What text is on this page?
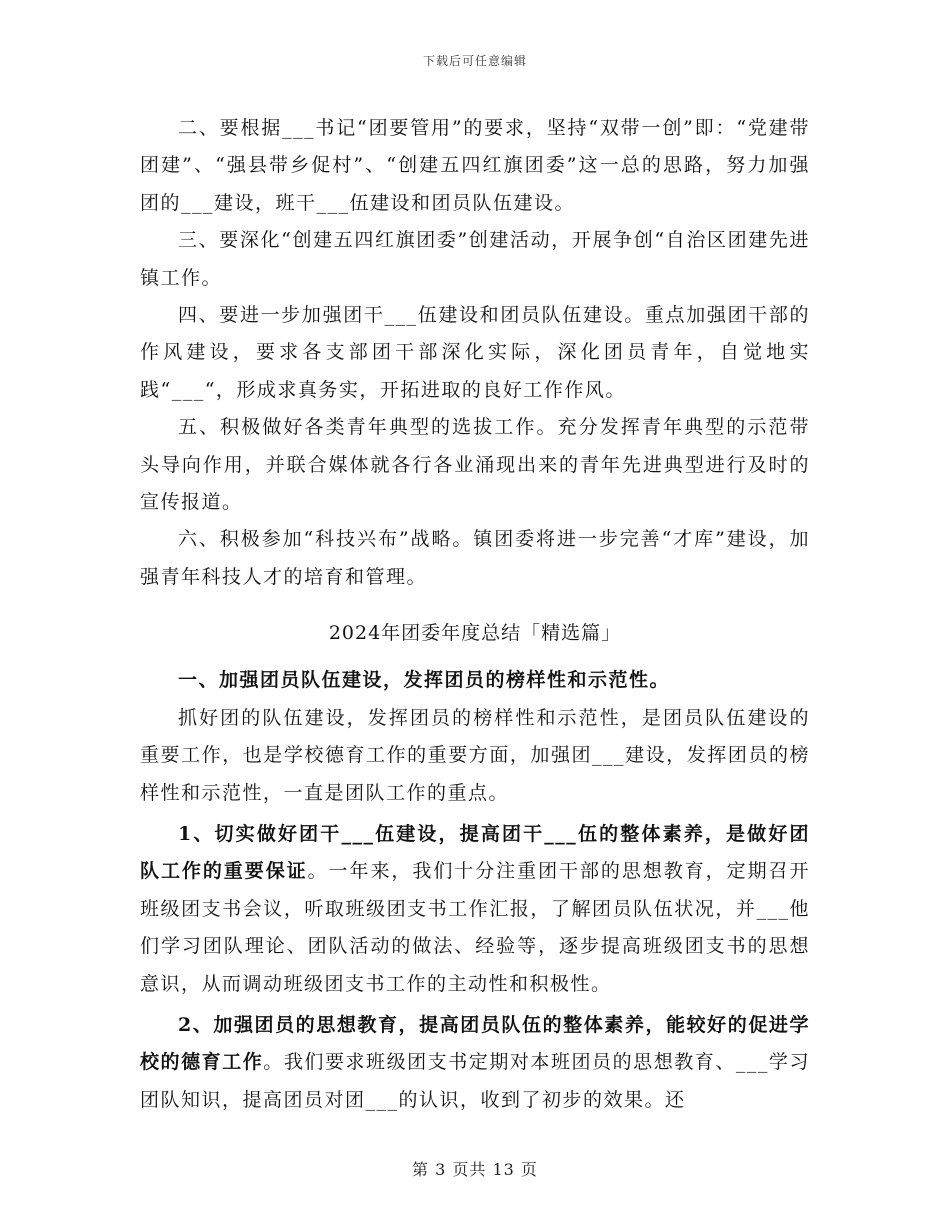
下载后可任意编辑

二、要根据___书记“团要管用”的要求，坚持“双带一创”即：“党建带团建”、“强县带乡促村”、“创建五四红旗团委”这一总的思路，努力加强团的___建设，班干___伍建设和团员队伍建设。

三、要深化“创建五四红旗团委”创建活动，开展争创“自治区团建先进镇工作。

四、要进一步加强团干___伍建设和团员队伍建设。重点加强团干部的作风建设，要求各支部团干部深化实际，深化团员青年，自觉地实践“___“，形成求真务实，开拓进取的良好工作作风。

五、积极做好各类青年典型的选拔工作。充分发挥青年典型的示范带头导向作用，并联合媒体就各行各业涌现出来的青年先进典型进行及时的宣传报道。

六、积极参加“科技兴布”战略。镇团委将进一步完善“才库”建设，加强青年科技人才的培育和管理。

2024年团委年度总结「精选篇」

一、加强团员队伍建设，发挥团员的榜样性和示范性。

抓好团的队伍建设，发挥团员的榜样性和示范性，是团员队伍建设的重要工作，也是学校德育工作的重要方面，加强团___建设，发挥团员的榜样性和示范性，一直是团队工作的重点。

1、切实做好团干___伍建设，提高团干___伍的整体素养，是做好团队工作的重要保证。一年来，我们十分注重团干部的思想教育，定期召开班级团支书会议，听取班级团支书工作汇报，了解团员队伍状况，并___他们学习团队理论、团队活动的做法、经验等，逐步提高班级团支书的思想意识，从而调动班级团支书工作的主动性和积极性。

2、加强团员的思想教育，提高团员队伍的整体素养，能较好的促进学校的德育工作。我们要求班级团支书定期对本班团员的思想教育、___学习团队知识，提高团员对团___的认识，收到了初步的效果。还

第 3 页共 13 页
